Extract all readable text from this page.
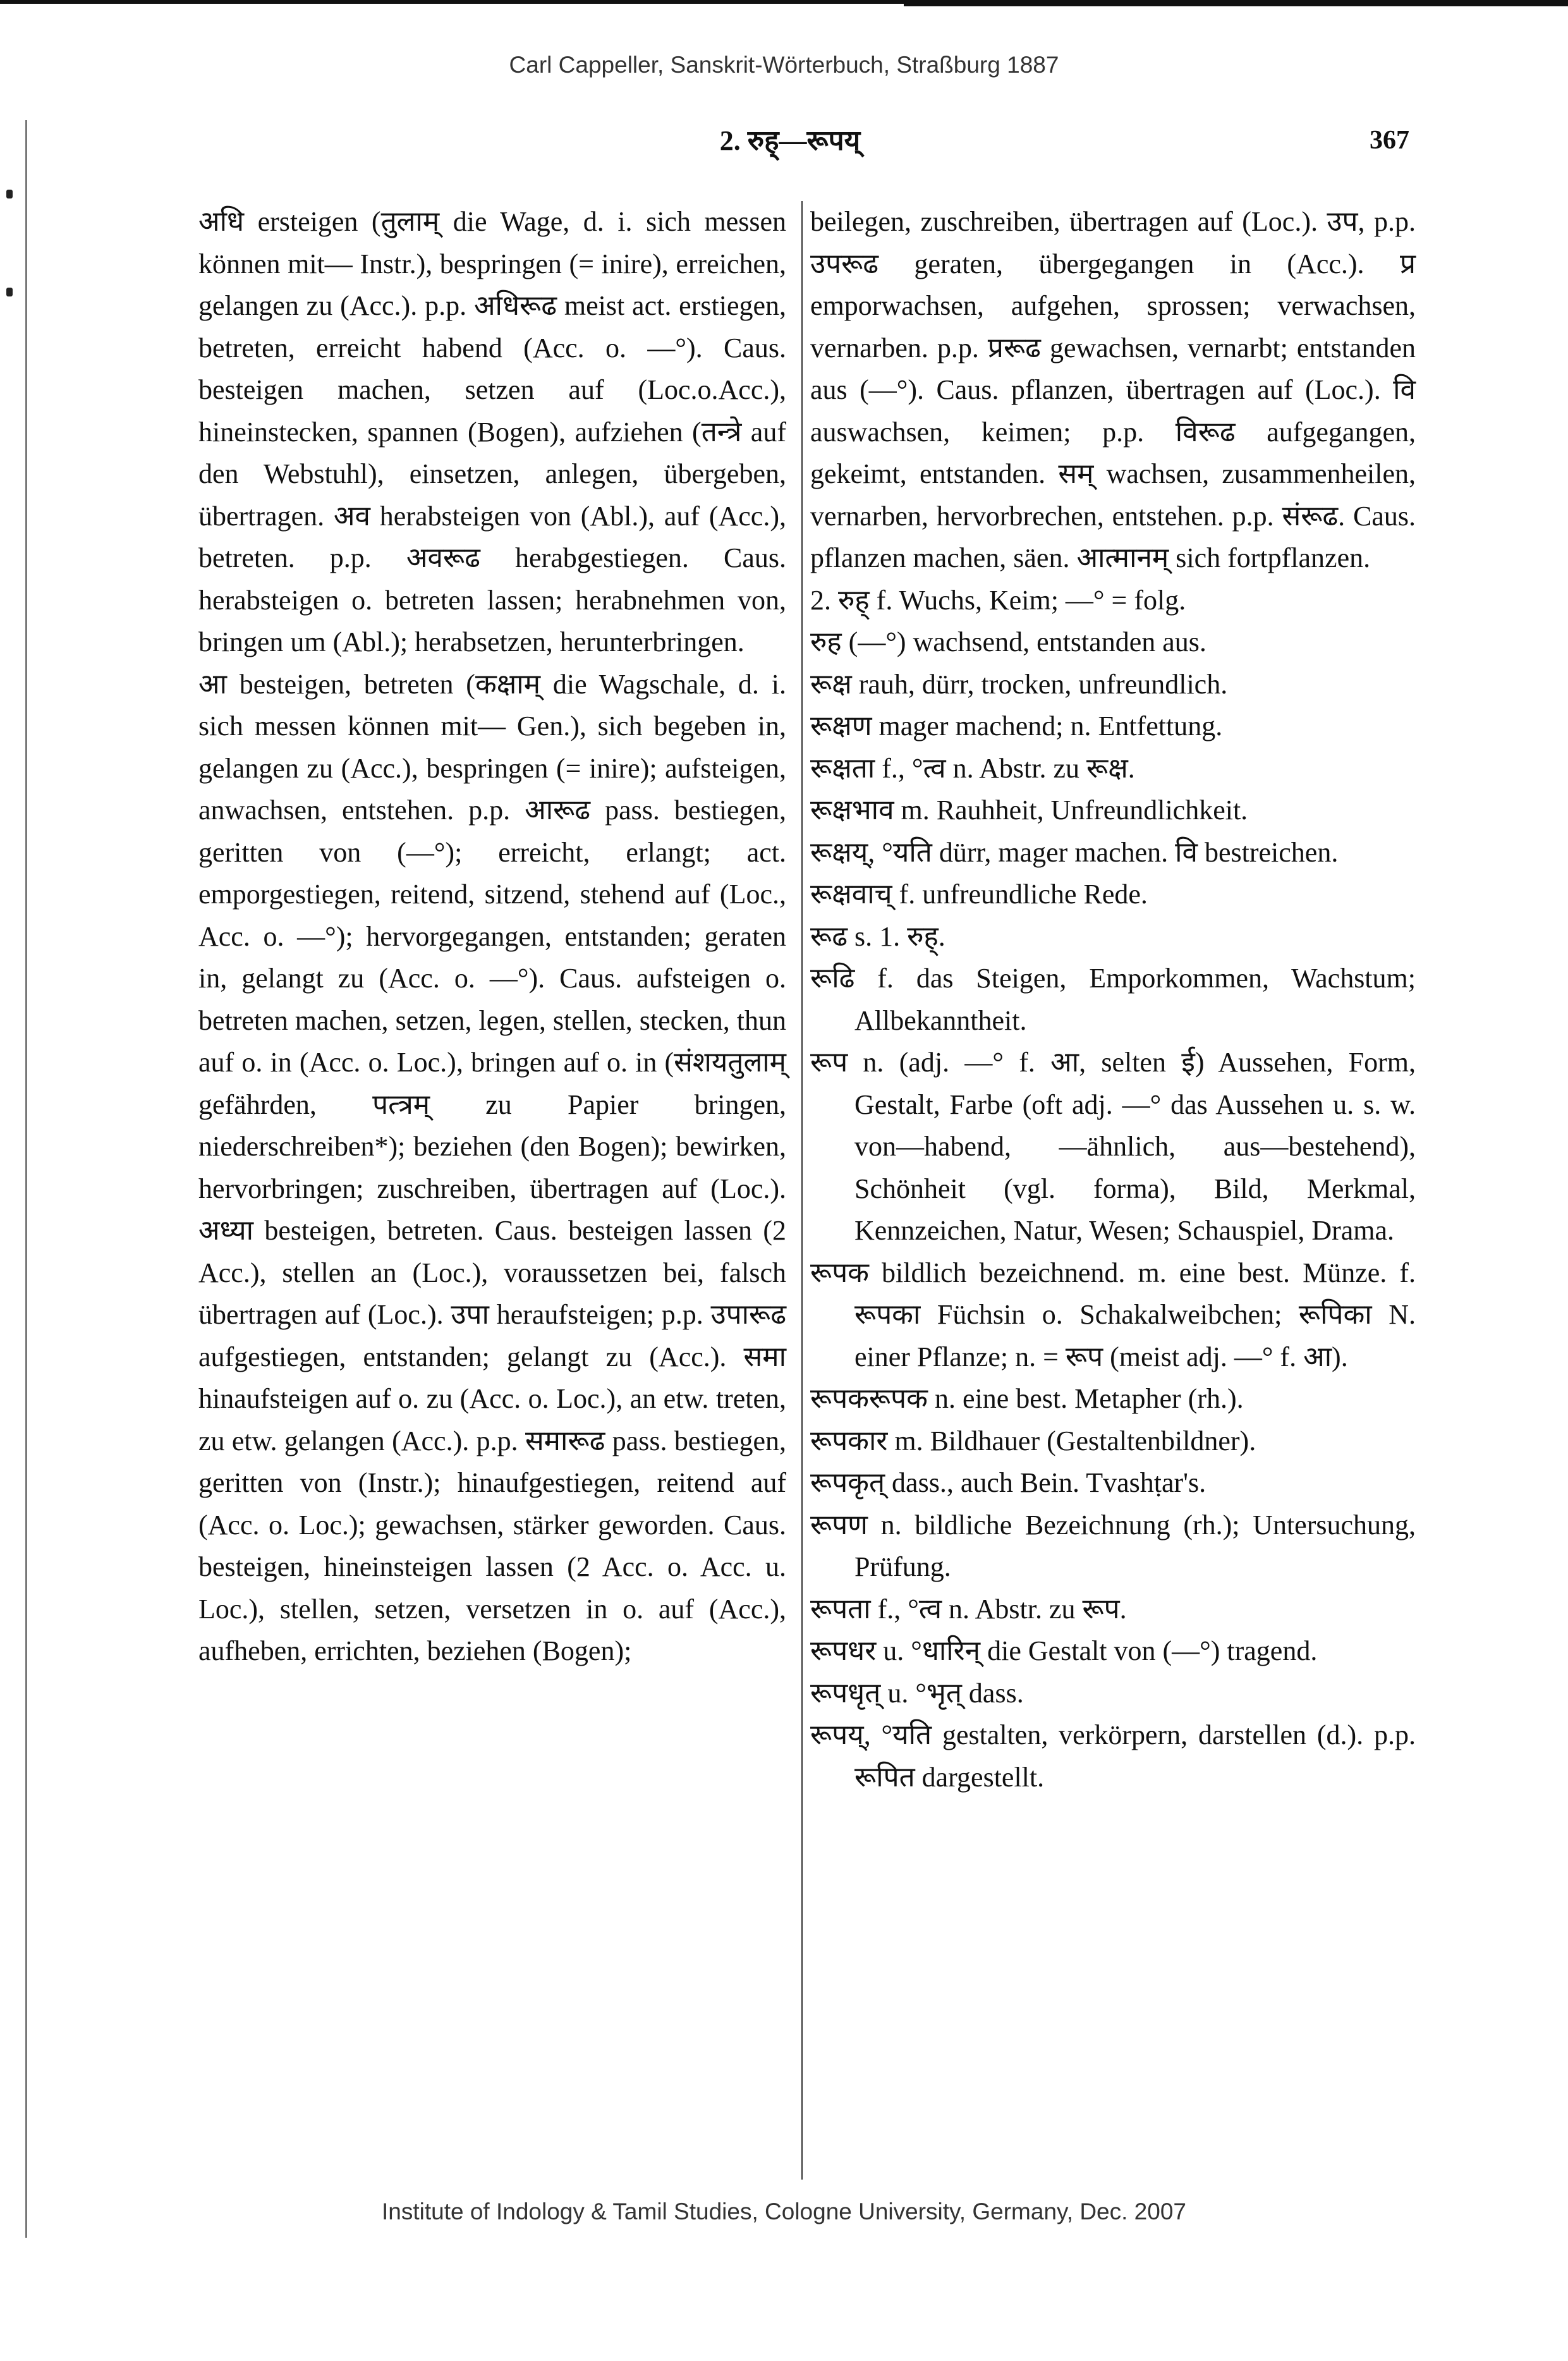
Carl Cappeller, Sanskrit-Wörterbuch, Straßburg 1887
2. रुह्—रूपय्	367

अधि ersteigen (तुलाम् die Wage, d. i. sich messen können mit— Instr.), bespringen (= inire), erreichen, gelangen zu (Acc.). p.p. अधिरूढ meist act. erstiegen, betreten, erreicht habend (Acc. o. —°). Caus. besteigen machen, setzen auf (Loc.o.Acc.), hineinstecken, spannen (Bogen), aufziehen (तन्त्रे auf den Webstuhl), einsetzen, anlegen, übergeben, übertragen. अव herabsteigen von (Abl.), auf (Acc.), betreten. p.p. अवरूढ herabgestiegen. Caus. herabsteigen o. betreten lassen; herabnehmen von, bringen um (Abl.); herabsetzen, herunterbringen.

आ besteigen, betreten (कक्षाम् die Wagschale, d. i. sich messen können mit— Gen.), sich begeben in, gelangen zu (Acc.), bespringen (= inire); aufsteigen, anwachsen, entstehen. p.p. आरूढ pass. bestiegen, geritten von (—°); erreicht, erlangt; act. emporgestiegen, reitend, sitzend, stehend auf (Loc., Acc. o. —°); hervorgegangen, entstanden; geraten in, gelangt zu (Acc. o. —°). Caus. aufsteigen o. betreten machen, setzen, legen, stellen, stecken, thun auf o. in (Acc. o. Loc.), bringen auf o. in (संशयतुलाम् gefährden, पत्त्रम् zu Papier bringen, niederschreiben*); beziehen (den Bogen); bewirken, hervorbringen; zuschreiben, übertragen auf (Loc.). अध्या besteigen, betreten. Caus. besteigen lassen (2 Acc.), stellen an (Loc.), voraussetzen bei, falsch übertragen auf (Loc.). उपा heraufsteigen; p.p. उपारूढ aufgestiegen, entstanden; gelangt zu (Acc.). समा hinaufsteigen auf o. zu (Acc. o. Loc.), an etw. treten, zu etw. gelangen (Acc.). p.p. समारूढ pass. bestiegen, geritten von (Instr.); hinaufgestiegen, reitend auf (Acc. o. Loc.); gewachsen, stärker geworden. Caus. besteigen, hineinsteigen lassen (2 Acc. o. Acc. u. Loc.), stellen, setzen, versetzen in o. auf (Acc.), aufheben, errichten, beziehen (Bogen);

beilegen, zuschreiben, übertragen auf (Loc.). उप, p.p. उपरूढ geraten, übergegangen in (Acc.). प्र emporwachsen, aufgehen, sprossen; verwachsen, vernarben. p.p. प्ररूढ gewachsen, vernarbt; entstanden aus (—°). Caus. pflanzen, übertragen auf (Loc.). वि auswachsen, keimen; p.p. विरूढ aufgegangen, gekeimt, entstanden. सम् wachsen, zusammenheilen, vernarben, hervorbrechen, entstehen. p.p. संरूढ. Caus. pflanzen machen, säen. आत्मानम् sich fortpflanzen.

2. रुह् f. Wuchs, Keim; —° = folg.

रुह (—°) wachsend, entstanden aus.

रूक्ष rauh, dürr, trocken, unfreundlich.

रूक्षण mager machend; n. Entfettung.

रूक्षता f., °त्व n. Abstr. zu रूक्ष.

रूक्षभाव m. Rauhheit, Unfreundlichkeit.

रूक्षय्, °यति dürr, mager machen. वि bestreichen.

रूक्षवाच् f. unfreundliche Rede.

रूढ s. 1. रुह्.

रूढि f. das Steigen, Emporkommen, Wachstum; Allbekanntheit.

रूप n. (adj. —° f. आ, selten ई) Aussehen, Form, Gestalt, Farbe (oft adj. —° das Aussehen u. s. w. von—habend, —ähnlich, aus—bestehend), Schönheit (vgl. forma), Bild, Merkmal, Kennzeichen, Natur, Wesen; Schauspiel, Drama.

रूपक bildlich bezeichnend. m. eine best. Münze. f. रूपका Füchsin o. Schakalweibchen; रूपिका N. einer Pflanze; n. = रूप (meist adj. —° f. आ).

रूपकरूपक n. eine best. Metapher (rh.).

रूपकार m. Bildhauer (Gestaltenbildner).

रूपकृत् dass., auch Bein. Tvashṭar's.

रूपण n. bildliche Bezeichnung (rh.); Untersuchung, Prüfung.

रूपता f., °त्व n. Abstr. zu रूप.

रूपधर u. °धारिन् die Gestalt von (—°) tragend.

रूपधृत् u. °भृत् dass.

रूपय्, °यति gestalten, verkörpern, darstellen (d.). p.p. रूपित dargestellt.

Institute of Indology & Tamil Studies, Cologne University, Germany, Dec. 2007
